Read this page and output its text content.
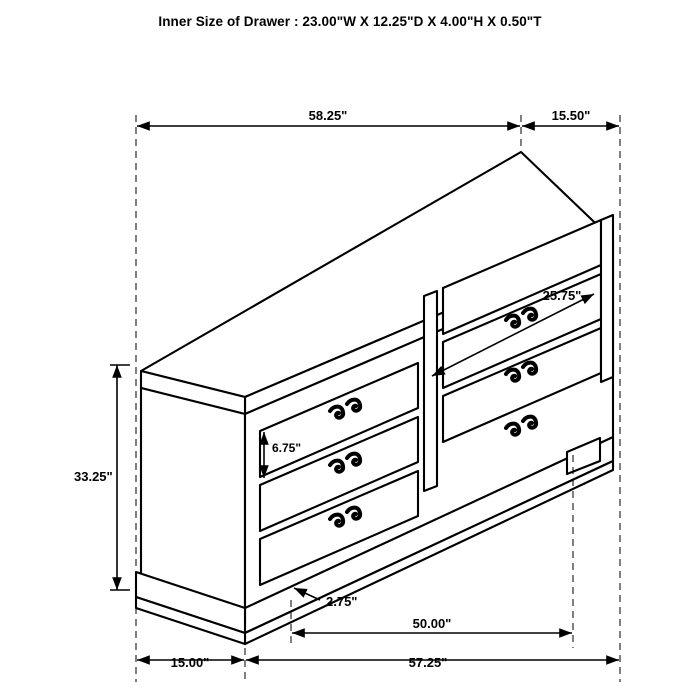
Inner Size of Drawer : 23.00"W X 12.25"D X 4.00"H X 0.50"T
58.25"	15.50"
25.75"
6.75"
33.25"
2.75"
15.00"	57.25"
50.00"
